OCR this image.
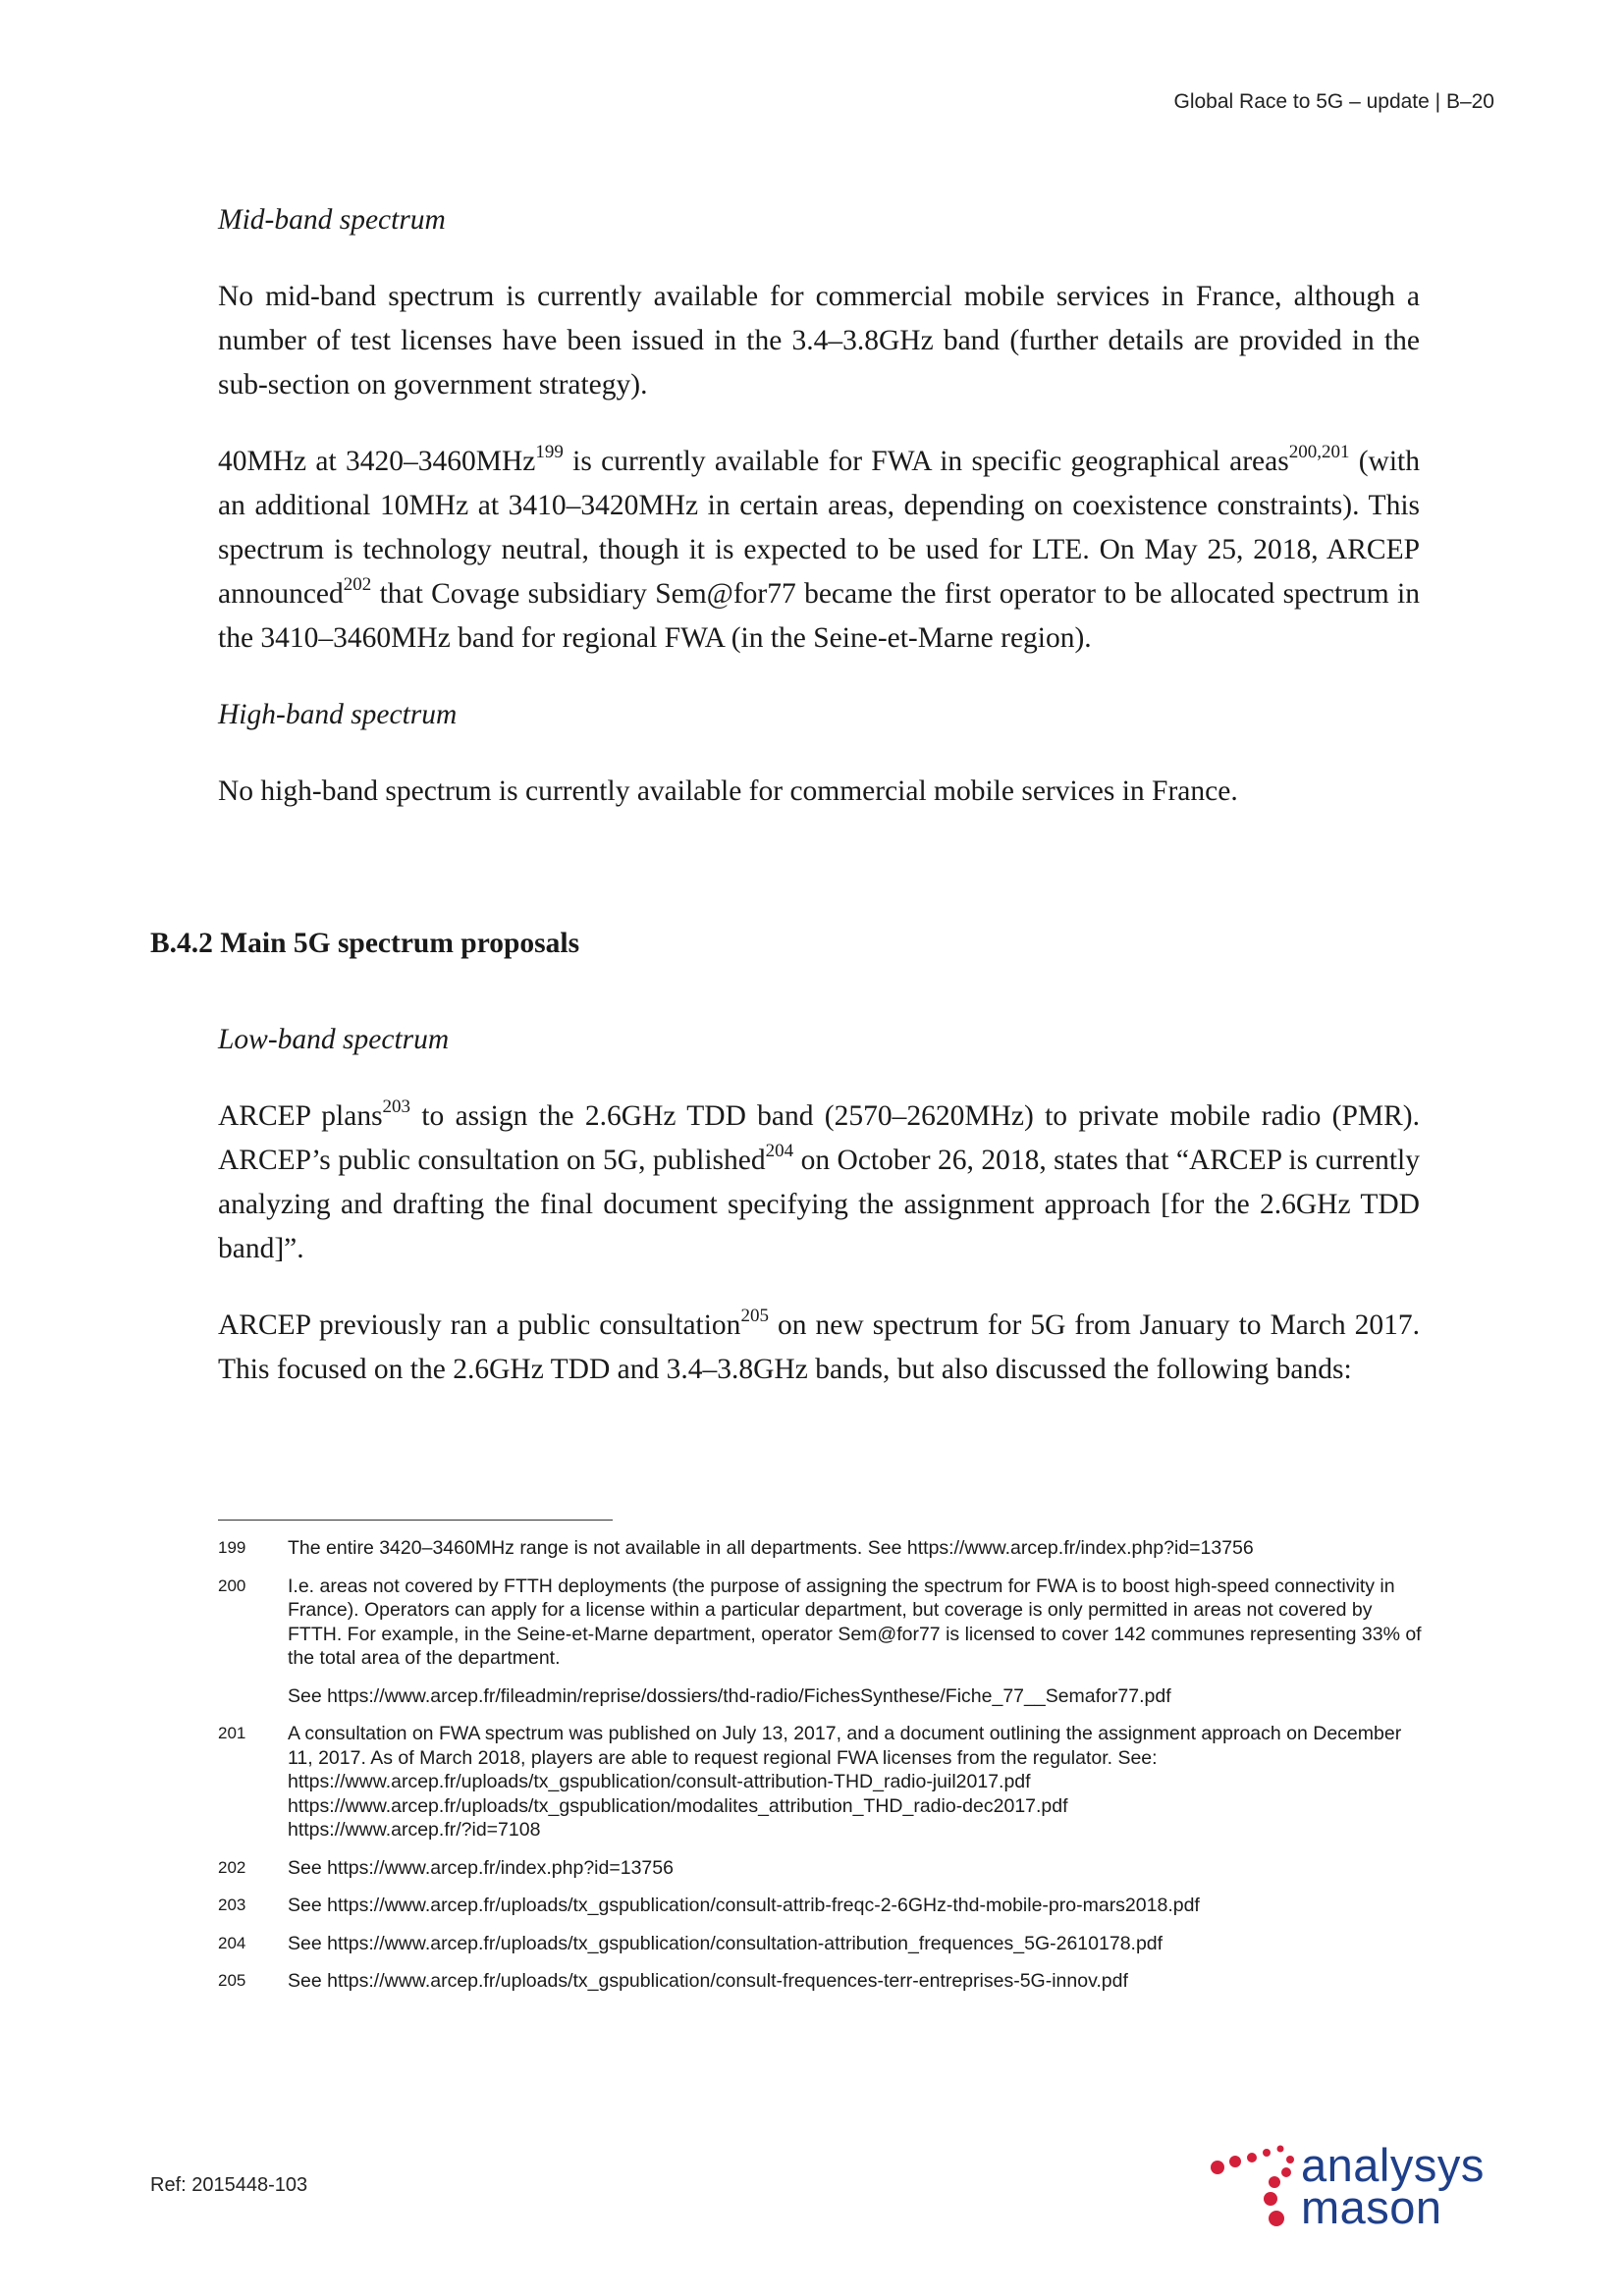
Global Race to 5G – update | B–20

Mid-band spectrum

No mid-band spectrum is currently available for commercial mobile services in France, although a number of test licenses have been issued in the 3.4–3.8GHz band (further details are provided in the sub-section on government strategy).

40MHz at 3420–3460MHz$^{199}$ is currently available for FWA in specific geographical areas$^{200,201}$ (with an additional 10MHz at 3410–3420MHz in certain areas, depending on coexistence constraints). This spectrum is technology neutral, though it is expected to be used for LTE. On May 25, 2018, ARCEP announced$^{202}$ that Covage subsidiary Sem@for77 became the first operator to be allocated spectrum in the 3410–3460MHz band for regional FWA (in the Seine-et-Marne region).

High-band spectrum

No high-band spectrum is currently available for commercial mobile services in France.

B.4.2 Main 5G spectrum proposals

Low-band spectrum

ARCEP plans$^{203}$ to assign the 2.6GHz TDD band (2570–2620MHz) to private mobile radio (PMR). ARCEP’s public consultation on 5G, published$^{204}$ on October 26, 2018, states that “ARCEP is currently analyzing and drafting the final document specifying the assignment approach [for the 2.6GHz TDD band]”.

ARCEP previously ran a public consultation$^{205}$ on new spectrum for 5G from January to March 2017. This focused on the 2.6GHz TDD and 3.4–3.8GHz bands, but also discussed the following bands:

199	The entire 3420–3460MHz range is not available in all departments. See https://www.arcep.fr/index.php?id=13756
200	I.e. areas not covered by FTTH deployments (the purpose of assigning the spectrum for FWA is to boost high-speed connectivity in France). Operators can apply for a license within a particular department, but coverage is only permitted in areas not covered by FTTH. For example, in the Seine-et-Marne department, operator Sem@for77 is licensed to cover 142 communes representing 33% of the total area of the department.
See https://www.arcep.fr/fileadmin/reprise/dossiers/thd-radio/FichesSynthese/Fiche_77__Semafor77.pdf
201	A consultation on FWA spectrum was published on July 13, 2017, and a document outlining the assignment approach on December 11, 2017. As of March 2018, players are able to request regional FWA licenses from the regulator. See:
https://www.arcep.fr/uploads/tx_gspublication/consult-attribution-THD_radio-juil2017.pdf
https://www.arcep.fr/uploads/tx_gspublication/modalites_attribution_THD_radio-dec2017.pdf
https://www.arcep.fr/?id=7108
202	See https://www.arcep.fr/index.php?id=13756
203	See https://www.arcep.fr/uploads/tx_gspublication/consult-attrib-freqc-2-6GHz-thd-mobile-pro-mars2018.pdf
204	See https://www.arcep.fr/uploads/tx_gspublication/consultation-attribution_frequences_5G-2610178.pdf
205	See https://www.arcep.fr/uploads/tx_gspublication/consult-frequences-terr-entreprises-5G-innov.pdf
Ref: 2015448-103	analysys
mason
